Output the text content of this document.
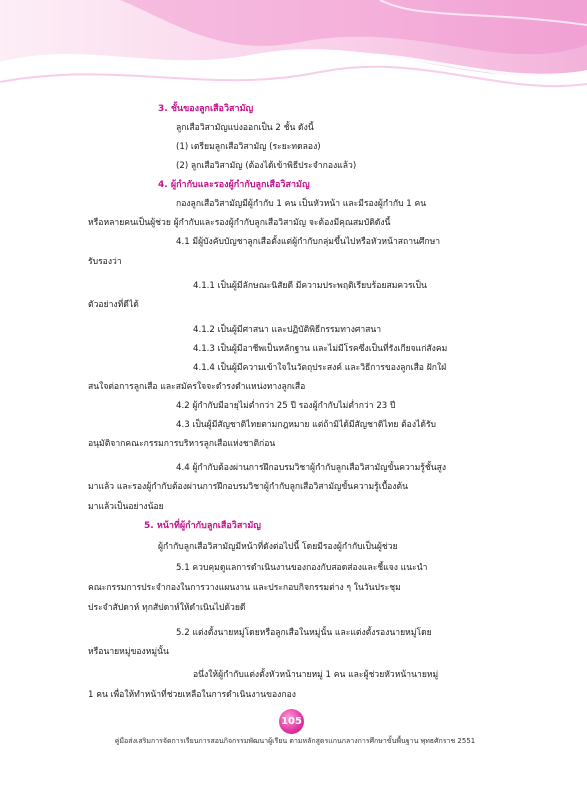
3. ชั้นของลูกเสือวิสามัญ
ลูกเสือวิสามัญแบ่งออกเป็น 2 ชั้น ดังนี้
(1) เตรียมลูกเสือวิสามัญ (ระยะทดลอง)
(2) ลูกเสือวิสามัญ (ต้องได้เข้าพิธีประจำกองแล้ว)
4. ผู้กำกับและรองผู้กำกับลูกเสือวิสามัญ
กองลูกเสือวิสามัญมีผู้กำกับ 1 คน เป็นหัวหน้า และมีรองผู้กำกับ 1 คน
หรือหลายคนเป็นผู้ช่วย ผู้กำกับและรองผู้กำกับลูกเสือวิสามัญ จะต้องมีคุณสมบัติดังนี้
4.1 มีผู้บังคับบัญชาลูกเสือตั้งแต่ผู้กำกับกลุ่มขึ้นไปหรือหัวหน้าสถานศึกษา
รับรองว่า
4.1.1 เป็นผู้มีลักษณะนิสัยดี มีความประพฤติเรียบร้อยสมควรเป็น
ตัวอย่างที่ดีได้
4.1.2 เป็นผู้มีศาสนา และปฏิบัติพิธีกรรมทางศาสนา
4.1.3 เป็นผู้มีอาชีพเป็นหลักฐาน และไม่มีโรคซึ่งเป็นที่รังเกียจแก่สังคม
4.1.4 เป็นผู้มีความเข้าใจในวัตถุประสงค์ และวิธีการของลูกเสือ ฝักใฝ่
สนใจต่อการลูกเสือ และสมัครใจจะดำรงตำแหน่งทางลูกเสือ
4.2 ผู้กำกับมีอายุไม่ต่ำกว่า 25 ปี รองผู้กำกับไม่ต่ำกว่า 23 ปี
4.3 เป็นผู้มีสัญชาติไทยตามกฎหมาย แต่ถ้ามิได้มีสัญชาติไทย ต้องได้รับ
อนุมัติจากคณะกรรมการบริหารลูกเสือแห่งชาติก่อน
4.4 ผู้กำกับต้องผ่านการฝึกอบรมวิชาผู้กำกับลูกเสือวิสามัญขั้นความรู้ชั้นสูง
มาแล้ว และรองผู้กำกับต้องผ่านการฝึกอบรมวิชาผู้กำกับลูกเสือวิสามัญขั้นความรู้เบื้องต้น
มาแล้วเป็นอย่างน้อย
5. หน้าที่ผู้กำกับลูกเสือวิสามัญ
ผู้กำกับลูกเสือวิสามัญมีหน้าที่ดังต่อไปนี้ โดยมีรองผู้กำกับเป็นผู้ช่วย
5.1 ควบคุมดูแลการดำเนินงานของกองกับสอดส่องและชี้แจง แนะนำ
คณะกรรมการประจำกองในการวางแผนงาน และประกอบกิจกรรมต่าง ๆ ในวันประชุม
ประจำสัปดาห์ ทุกสัปดาห์ให้ดำเนินไปด้วยดี
5.2 แต่งตั้งนายหมู่โดยหรือลูกเสือในหมู่นั้น และแต่งตั้งรองนายหมู่โดย
หรือนายหมู่ของหมู่นั้น
อนึ่งให้ผู้กำกับแต่งตั้งหัวหน้านายหมู่ 1 คน และผู้ช่วยหัวหน้านายหมู่
1 คน เพื่อให้ทำหน้าที่ช่วยเหลือในการดำเนินงานของกอง
105
คู่มือส่งเสริมการจัดการเรียนการสอนกิจกรรมพัฒนาผู้เรียน ตามหลักสูตรแกนกลางการศึกษาขั้นพื้นฐาน พุทธศักราช 2551
